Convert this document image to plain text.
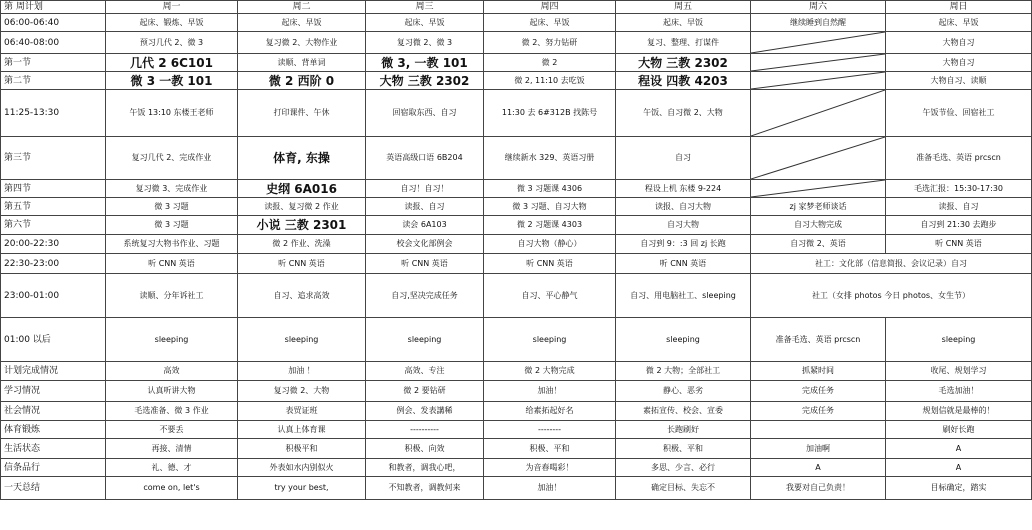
第 周计划	周一	周二	周三	周四	周五	周六	周日
06:00-06:40	起床、锻炼、早饭	起床、早饭	起床、早饭	起床、早饭	起床、早饭	继续睡到自然醒	起床、早饭
06:40-08:00	预习几代 2、微 3	复习微 2、大物作业	复习微 2、微 3	微 2、努力钻研	复习、整理、打谋件		大物自习
第一节	几代 2 6C101	读顺、背单词	微 3, 一教 101	微 2	大物 三教 2302		大物自习
第二节	微 3 一教 101	微 2 西阶 0	大物 三教 2302	微 2, 11:10 去吃饭	程设 四教 4203		大物自习、读顺
11:25-13:30	午饭 13:10 东楼王老师	打印课件、午休	回宿取东西、自习	11:30 去 6#312B 找陈号	午饭、自习微 2、大物		午饭节俭、回宿社工
第三节	复习几代 2、完成作业	体育, 东操	英语高级口语 6B204	继续新水 329、英语习册	自习		准备毛选、英语 prcscn
第四节	复习微 3、完成作业	史纲 6A016	自习！自习！	微 3 习题课 4306	程设上机 东楼 9-224		毛选汇报：15:30-17:30
第五节	微 3 习题	读报、复习微 2 作业	读报、自习	微 3 习题、自习大物	读报、自习大物	zj 家梦老师谈话	读报、自习
第六节	微 3 习题	小说 三教 2301	读会 6A103	微 2 习题课 4303	自习大物	自习大物完成	自习到 21:30 去跑步
20:00-22:30	系统复习大物书作业、习题	微 2 作业、洗澡	校会文化部例会	自习大物（静心）	自习到 9：:3 回 zj 长跑	自习微 2、英语	听 CNN 英语
22:30-23:00	听 CNN 英语	听 CNN 英语	听 CNN 英语	听 CNN 英语	听 CNN 英语	社工：文化部（信息简报、会议记录）自习	
23:00-01:00	读顺、分年诉社工	自习、追求高效	自习,坚决完成任务	自习、平心静气	自习、用电脑社工、sleeping	社工（女排 photos 今日 photos、女生节）	
01:00 以后	sleeping	sleeping	sleeping	sleeping	sleeping	准备毛选、英语 prcscn	sleeping
计划完成情况	高效	加油 ！	高效、专注	微 2 大物完成	微 2 大物；全部社工	抓紧时间	收尾、规划学习
学习情况	认真听讲大物	复习微 2、大物	微 2 要钻研	加油！	静心、恶劣	完成任务	毛选加油！
社会情况	毛选准备、微 3 作业	表贸证班	例会、发表講稀	给素拓起好名	素拓宣传、校会、宣委	完成任务	规划信就是最棒的！
体育锻炼	不要丢	认真上体育课	----------	--------	长跑刷好		刷好长跑
生活状态	再接、清情	积极平和	积极、向效	积极、平和	积极、平和	加油啊	A
信条品行	礼、德、才	外表如水内别似火	和教者，调我心吧，	为音春喝彩！	多思、少言、必行	A	A
一天总结	come on, let's	try your best,	不知教者，调教何来	加油！	确定目标、失忘不	我要对自己负责！	目标确定，踏实
